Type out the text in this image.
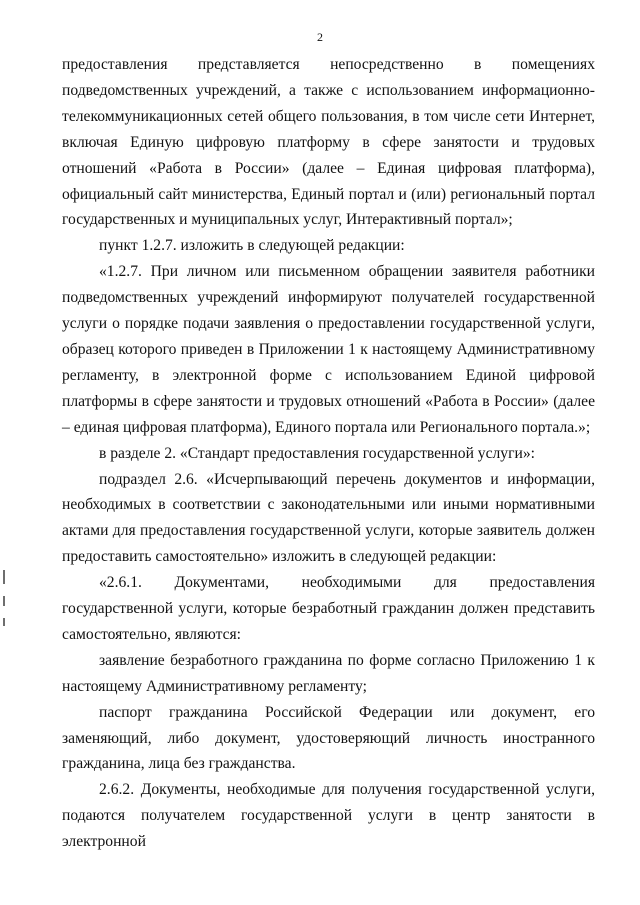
2

предоставления представляется непосредственно в помещениях подведомственных учреждений, а также с использованием информационно-телекоммуникационных сетей общего пользования, в том числе сети Интернет, включая Единую цифровую платформу в сфере занятости и трудовых отношений «Работа в России» (далее – Единая цифровая платформа), официальный сайт министерства, Единый портал и (или) региональный портал государственных и муниципальных услуг, Интерактивный портал»;

пункт 1.2.7. изложить в следующей редакции:

«1.2.7. При личном или письменном обращении заявителя работники подведомственных учреждений информируют получателей государственной услуги о порядке подачи заявления о предоставлении государственной услуги, образец которого приведен в Приложении 1 к настоящему Административному регламенту, в электронной форме с использованием Единой цифровой платформы в сфере занятости и трудовых отношений «Работа в России» (далее – единая цифровая платформа), Единого портала или Регионального портала.»;

в разделе 2. «Стандарт предоставления государственной услуги»:

подраздел 2.6. «Исчерпывающий перечень документов и информации, необходимых в соответствии с законодательными или иными нормативными актами для предоставления государственной услуги, которые заявитель должен предоставить самостоятельно» изложить в следующей редакции:

«2.6.1. Документами, необходимыми для предоставления государственной услуги, которые безработный гражданин должен представить самостоятельно, являются:

заявление безработного гражданина по форме согласно Приложению 1 к настоящему Административному регламенту;

паспорт гражданина Российской Федерации или документ, его заменяющий, либо документ, удостоверяющий личность иностранного гражданина, лица без гражданства.

2.6.2. Документы, необходимые для получения государственной услуги, подаются получателем государственной услуги в центр занятости в электронной
